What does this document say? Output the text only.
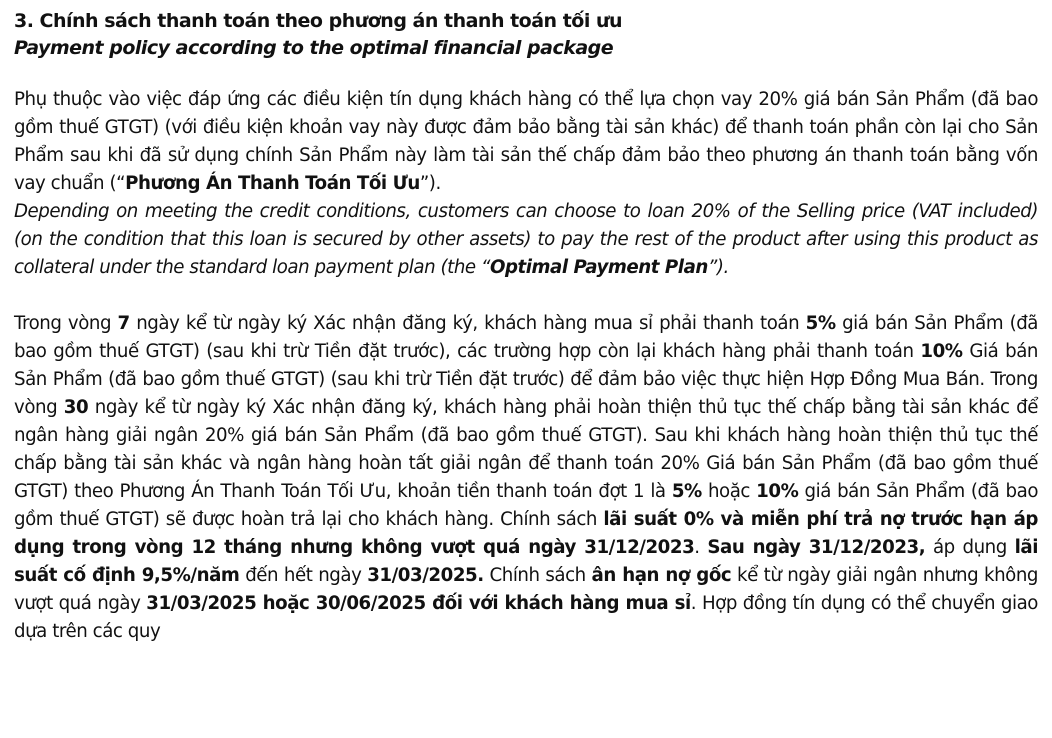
3. Chính sách thanh toán theo phương án thanh toán tối ưu

Payment policy according to the optimal financial package

Phụ thuộc vào việc đáp ứng các điều kiện tín dụng khách hàng có thể lựa chọn vay 20% giá bán Sản Phẩm (đã bao gồm thuế GTGT) (với điều kiện khoản vay này được đảm bảo bằng tài sản khác) để thanh toán phần còn lại cho Sản Phẩm sau khi đã sử dụng chính Sản Phẩm này làm tài sản thế chấp đảm bảo theo phương án thanh toán bằng vốn vay chuẩn (“Phương Án Thanh Toán Tối Ưu”).

Depending on meeting the credit conditions, customers can choose to loan 20% of the Selling price (VAT included) (on the condition that this loan is secured by other assets) to pay the rest of the product after using this product as collateral under the standard loan payment plan (the “Optimal Payment Plan”).

Trong vòng 7 ngày kể từ ngày ký Xác nhận đăng ký, khách hàng mua sỉ phải thanh toán 5% giá bán Sản Phẩm (đã bao gồm thuế GTGT) (sau khi trừ Tiền đặt trước), các trường hợp còn lại khách hàng phải thanh toán 10% Giá bán Sản Phẩm (đã bao gồm thuế GTGT) (sau khi trừ Tiền đặt trước) để đảm bảo việc thực hiện Hợp Đồng Mua Bán. Trong vòng 30 ngày kể từ ngày ký Xác nhận đăng ký, khách hàng phải hoàn thiện thủ tục thế chấp bằng tài sản khác để ngân hàng giải ngân 20% giá bán Sản Phẩm (đã bao gồm thuế GTGT). Sau khi khách hàng hoàn thiện thủ tục thế chấp bằng tài sản khác và ngân hàng hoàn tất giải ngân để thanh toán 20% Giá bán Sản Phẩm (đã bao gồm thuế GTGT) theo Phương Án Thanh Toán Tối Ưu, khoản tiền thanh toán đợt 1 là 5% hoặc 10% giá bán Sản Phẩm (đã bao gồm thuế GTGT) sẽ được hoàn trả lại cho khách hàng. Chính sách lãi suất 0% và miễn phí trả nợ trước hạn áp dụng trong vòng 12 tháng nhưng không vượt quá ngày 31/12/2023. Sau ngày 31/12/2023, áp dụng lãi suất cố định 9,5%/năm đến hết ngày 31/03/2025. Chính sách ân hạn nợ gốc kể từ ngày giải ngân nhưng không vượt quá ngày 31/03/2025 hoặc 30/06/2025 đối với khách hàng mua sỉ. Hợp đồng tín dụng có thể chuyển giao dựa trên các quy
